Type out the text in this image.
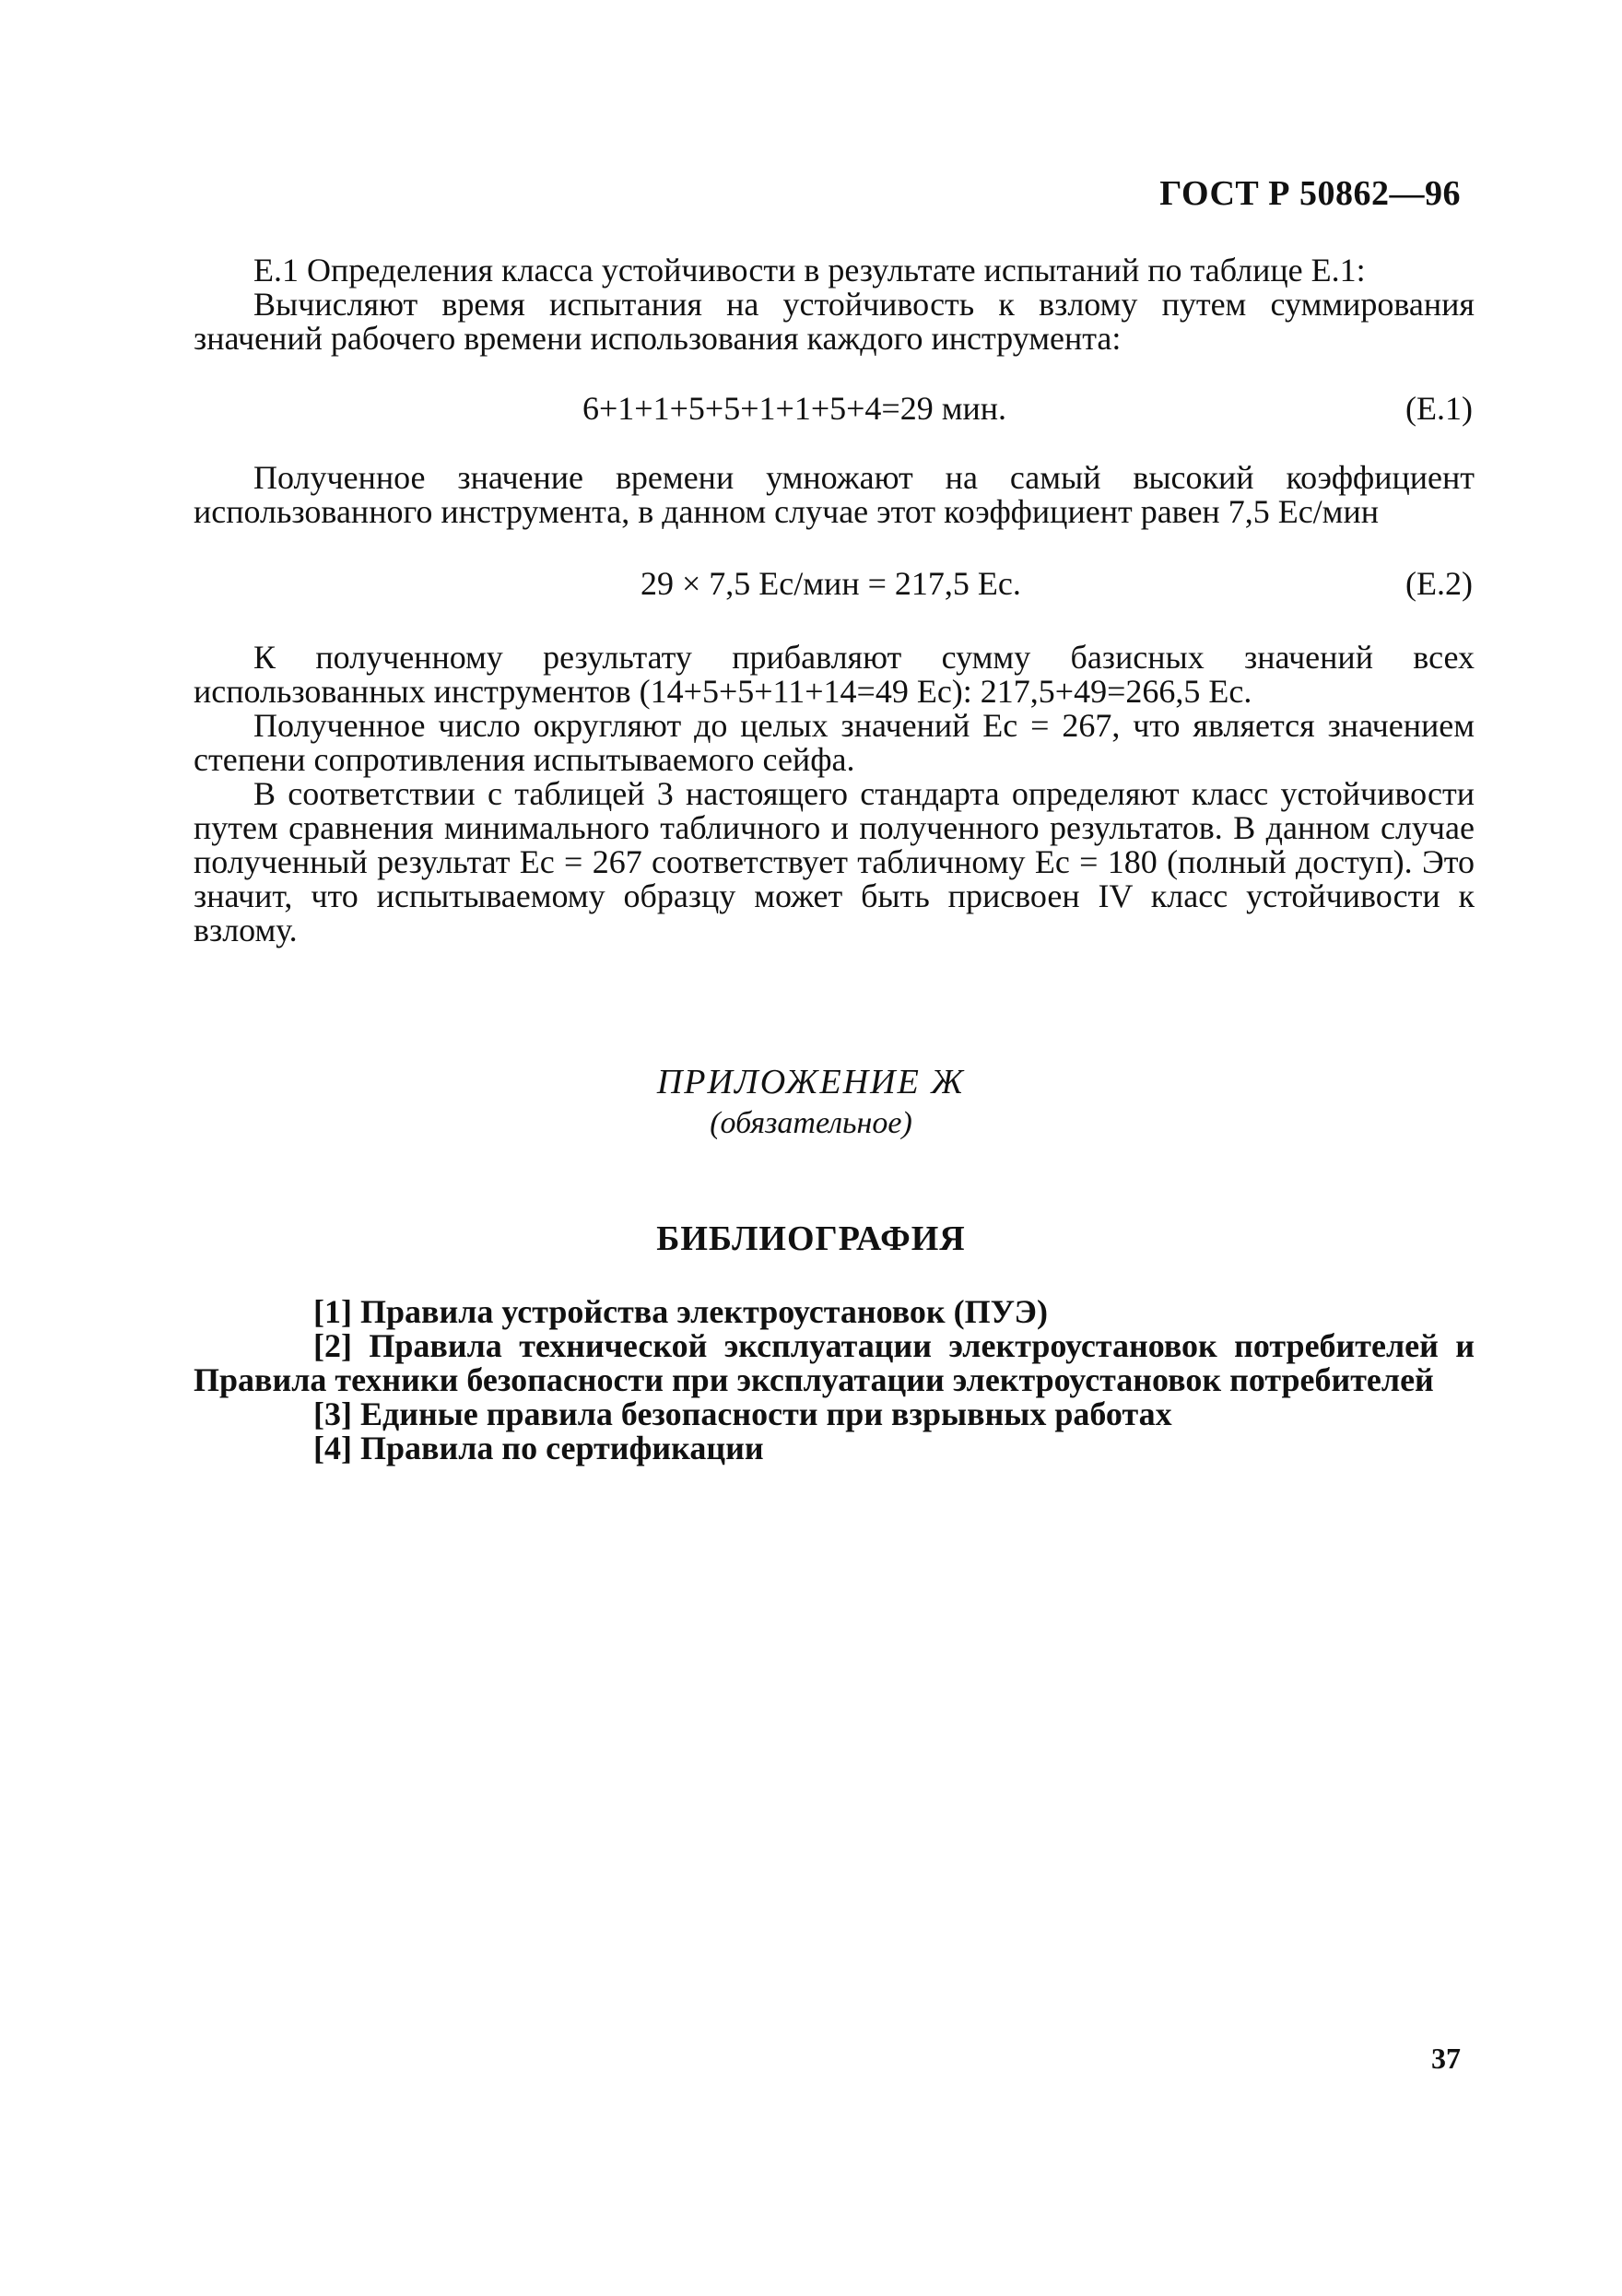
ГОСТ Р 50862—96
Е.1 Определения класса устойчивости в результате испытаний по таблице Е.1:
Вычисляют время испытания на устойчивость к взлому путем суммирования значений рабочего времени использования каждого инструмента:
6+1+1+5+5+1+1+5+4=29 мин.	(Е.1)
Полученное значение времени умножают на самый высокий коэффициент использованного инструмента, в данном случае этот коэффициент равен 7,5 Еc/мин
29 × 7,5 Еc/мин = 217,5 Еc.	(Е.2)
К полученному результату прибавляют сумму базисных значений всех использованных инструментов (14+5+5+11+14=49 Еc): 217,5+49=266,5 Еc.
Полученное число округляют до целых значений Еc = 267, что является значением степени сопротивления испытываемого сейфа.
В соответствии с таблицей 3 настоящего стандарта определяют класс устойчивости путем сравнения минимального табличного и полученного результатов. В данном случае полученный результат Еc = 267 соответствует табличному Еc = 180 (полный доступ). Это значит, что испытываемому образцу может быть присвоен IV класс устойчивости к взлому.
ПРИЛОЖЕНИЕ Ж
(обязательное)
БИБЛИОГРАФИЯ
[1] Правила устройства электроустановок (ПУЭ)
[2] Правила технической эксплуатации электроустановок потребителей и Правила техники безопасности при эксплуатации электроустановок потребителей
[3] Единые правила безопасности при взрывных работах
[4] Правила по сертификации
37
